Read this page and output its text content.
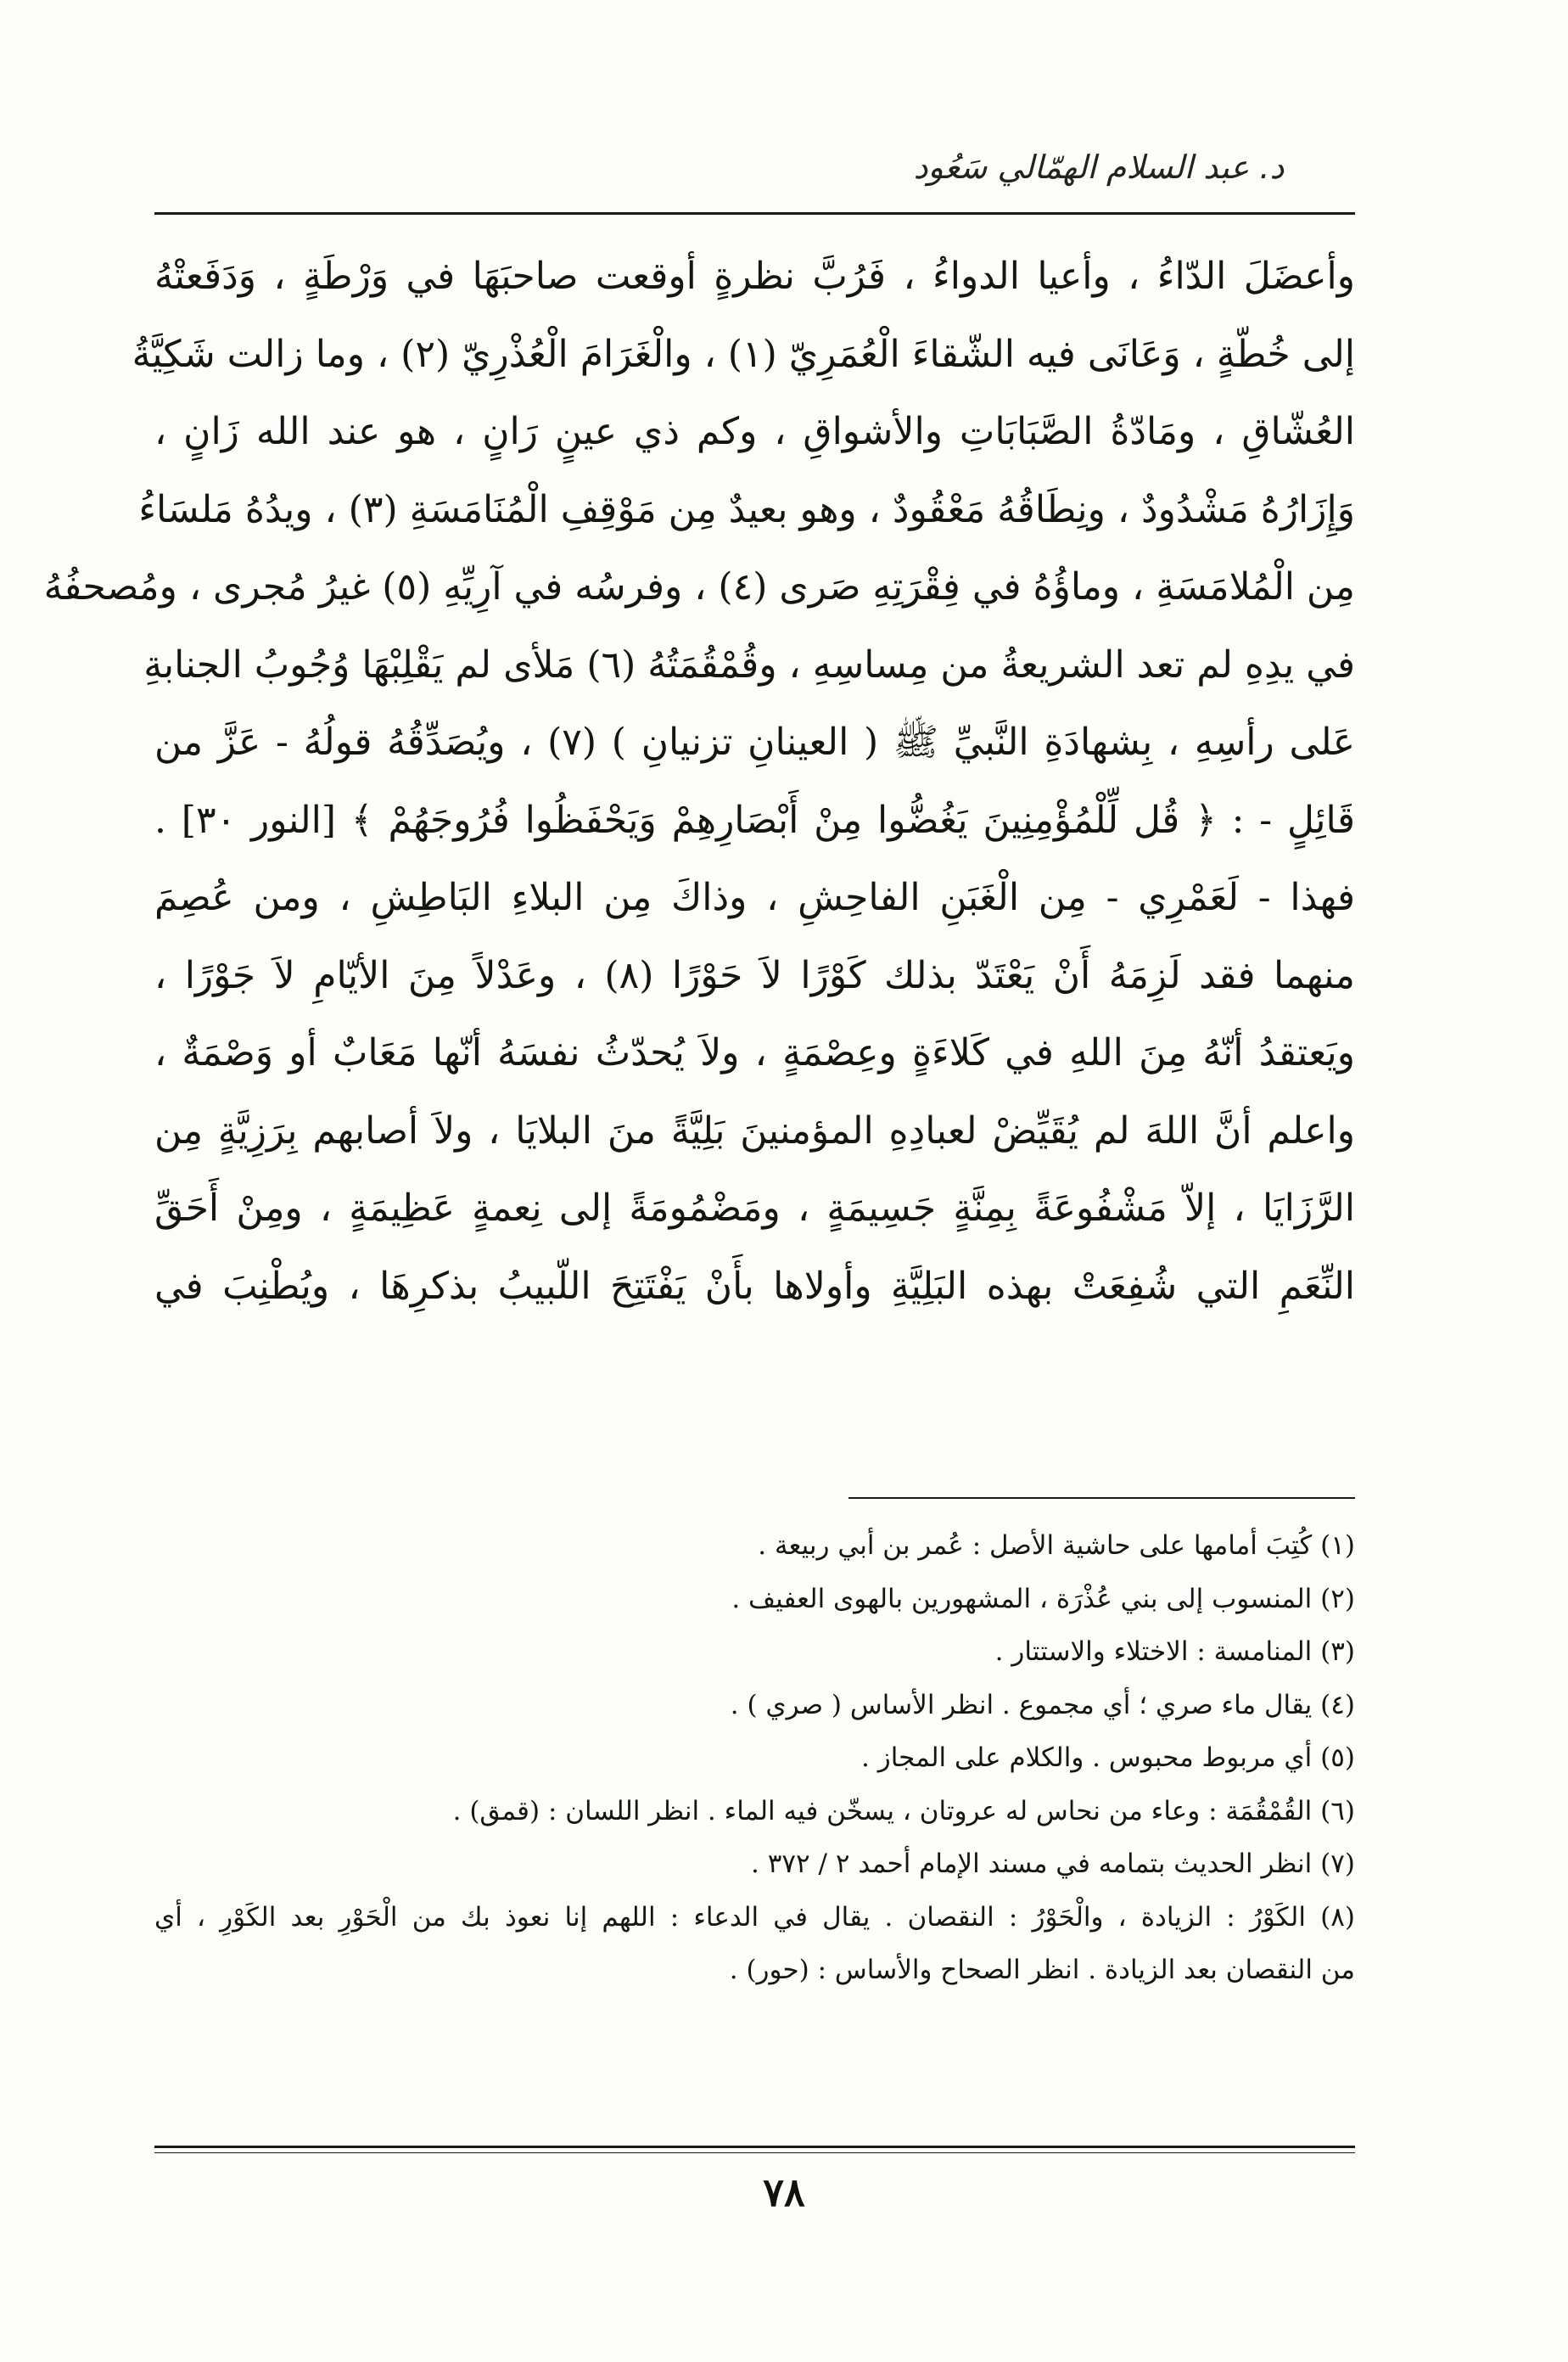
د. عبد السلام الهمّالي سَعُود
وأعضَلَ الدّاءُ ، وأعيا الدواءُ ، فَرُبَّ نظرةٍ أوقعت صاحبَهَا في وَرْطَةٍ ، وَدَفَعتْهُ
إلى خُطّةٍ ، وَعَانَى فيه الشّقاءَ الْعُمَرِيّ (١) ، والْغَرَامَ الْعُذْرِيّ (٢) ، وما زالت شَكِيَّةُ
العُشّاقِ ، ومَادّةُ الصَّبَابَاتِ والأشواقِ ، وكم ذي عينٍ رَانٍ ، هو عند الله زَانٍ ،
وَإِزَارُهُ مَشْدُودٌ ، ونِطَاقُهُ مَعْقُودٌ ، وهو بعيدٌ مِن مَوْقِفِ الْمُنَامَسَةِ (٣) ، ويدُهُ مَلسَاءُ
مِن الْمُلامَسَةِ ، وماؤُهُ في فِقْرَتِهِ صَرى (٤) ، وفرسُه في آرِيِّهِ (٥) غيرُ مُجرى ، ومُصحفُهُ
في يدِهِ لم تعد الشريعةُ من مِساسِهِ ، وقُمْقُمَتُهُ (٦) مَلأى لم يَقْلِبْهَا وُجُوبُ الجنابةِ
عَلى رأسِهِ ، بِشهادَةِ النَّبيِّ ﷺ ( العينانِ تزنيانِ ) (٧) ، ويُصَدِّقُهُ قولُهُ - عَزَّ من
قَائِلٍ - : ﴿ قُل لِّلْمُؤْمِنِينَ يَغُضُّوا مِنْ أَبْصَارِهِمْ وَيَحْفَظُوا فُرُوجَهُمْ ﴾ [النور ٣٠] .
فهذا - لَعَمْرِي - مِن الْغَبَنِ الفاحِشِ ، وذاكَ مِن البلاءِ البَاطِشِ ، ومن عُصِمَ
منهما فقد لَزِمَهُ أَنْ يَعْتَدّ بذلك كَوْرًا لاَ حَوْرًا (٨) ، وعَدْلاً مِنَ الأيّامِ لاَ جَوْرًا ،
ويَعتقدُ أنّهُ مِنَ اللهِ في كَلاءَةٍ وعِصْمَةٍ ، ولاَ يُحدّثُ نفسَهُ أنّها مَعَابٌ أو وَصْمَةٌ ،
واعلم أنَّ اللهَ لم يُقَيِّضْ لعبادِهِ المؤمنينَ بَلِيَّةً منَ البلايَا ، ولاَ أصابهم بِرَزِيَّةٍ مِن
الرَّزَايَا ، إلاّ مَشْفُوعَةً بِمِنَّةٍ جَسِيمَةٍ ، ومَضْمُومَةً إلى نِعمةٍ عَظِيمَةٍ ، ومِنْ أَحَقِّ
النِّعَمِ التي شُفِعَتْ بهذه البَلِيَّةِ وأولاها بأَنْ يَفْتَتِحَ اللّبيبُ بذكرِهَا ، ويُطْنِبَ في
(١) كُتِبَ أمامها على حاشية الأصل : عُمر بن أبي ربيعة .
(٢) المنسوب إلى بني عُذْرَة ، المشهورين بالهوى العفيف .
(٣) المنامسة : الاختلاء والاستتار .
(٤) يقال ماء صري ؛ أي مجموع . انظر الأساس ( صري ) .
(٥) أي مربوط محبوس . والكلام على المجاز .
(٦) القُمْقُمَة : وعاء من نحاس له عروتان ، يسخّن فيه الماء . انظر اللسان : (قمق) .
(٧) انظر الحديث بتمامه في مسند الإمام أحمد ٢ / ٣٧٢ .
(٨) الكَوْرُ : الزيادة ، والْحَوْرُ : النقصان . يقال في الدعاء : اللهم إنا نعوذ بك من الْحَوْرِ بعد الكَوْرِ ، أي
من النقصان بعد الزيادة . انظر الصحاح والأساس : (حور) .
٧٨
